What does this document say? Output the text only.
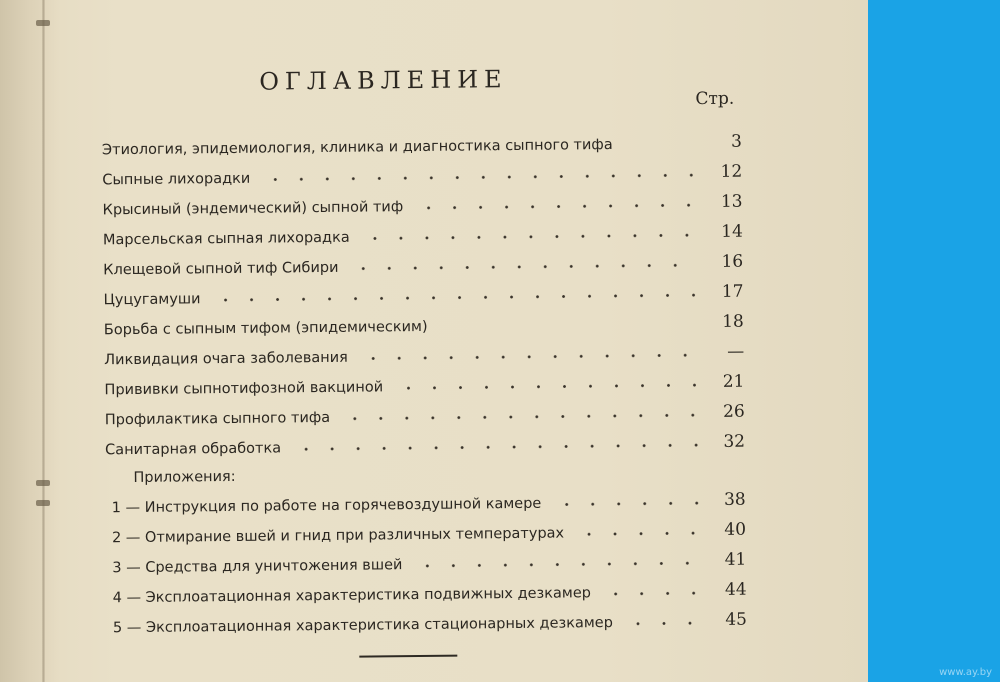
ОГЛАВЛЕНИЕ
Стр.
Этиология, эпидемиология, клиника и диагностика сыпного тифа	3
Сыпные лихорадки	12
Крысиный (эндемический) сыпной тиф	13
Марсельская сыпная лихорадка	14
Клещевой сыпной тиф Сибири	16
Цуцугамуши	17
Борьба с сыпным тифом (эпидемическим)	18
Ликвидация очага заболевания	—
Прививки сыпнотифозной вакциной	21
Профилактика сыпного тифа	26
Санитарная обработка	32
Приложения:
1 — Инструкция по работе на горячевоздушной камере	38
2 — Отмирание вшей и гнид при различных температурах	40
3 — Средства для уничтожения вшей	41
4 — Эксплоатационная характеристика подвижных дезкамер	44
5 — Эксплоатационная характеристика стационарных дезкамер	45
www.ay.by
